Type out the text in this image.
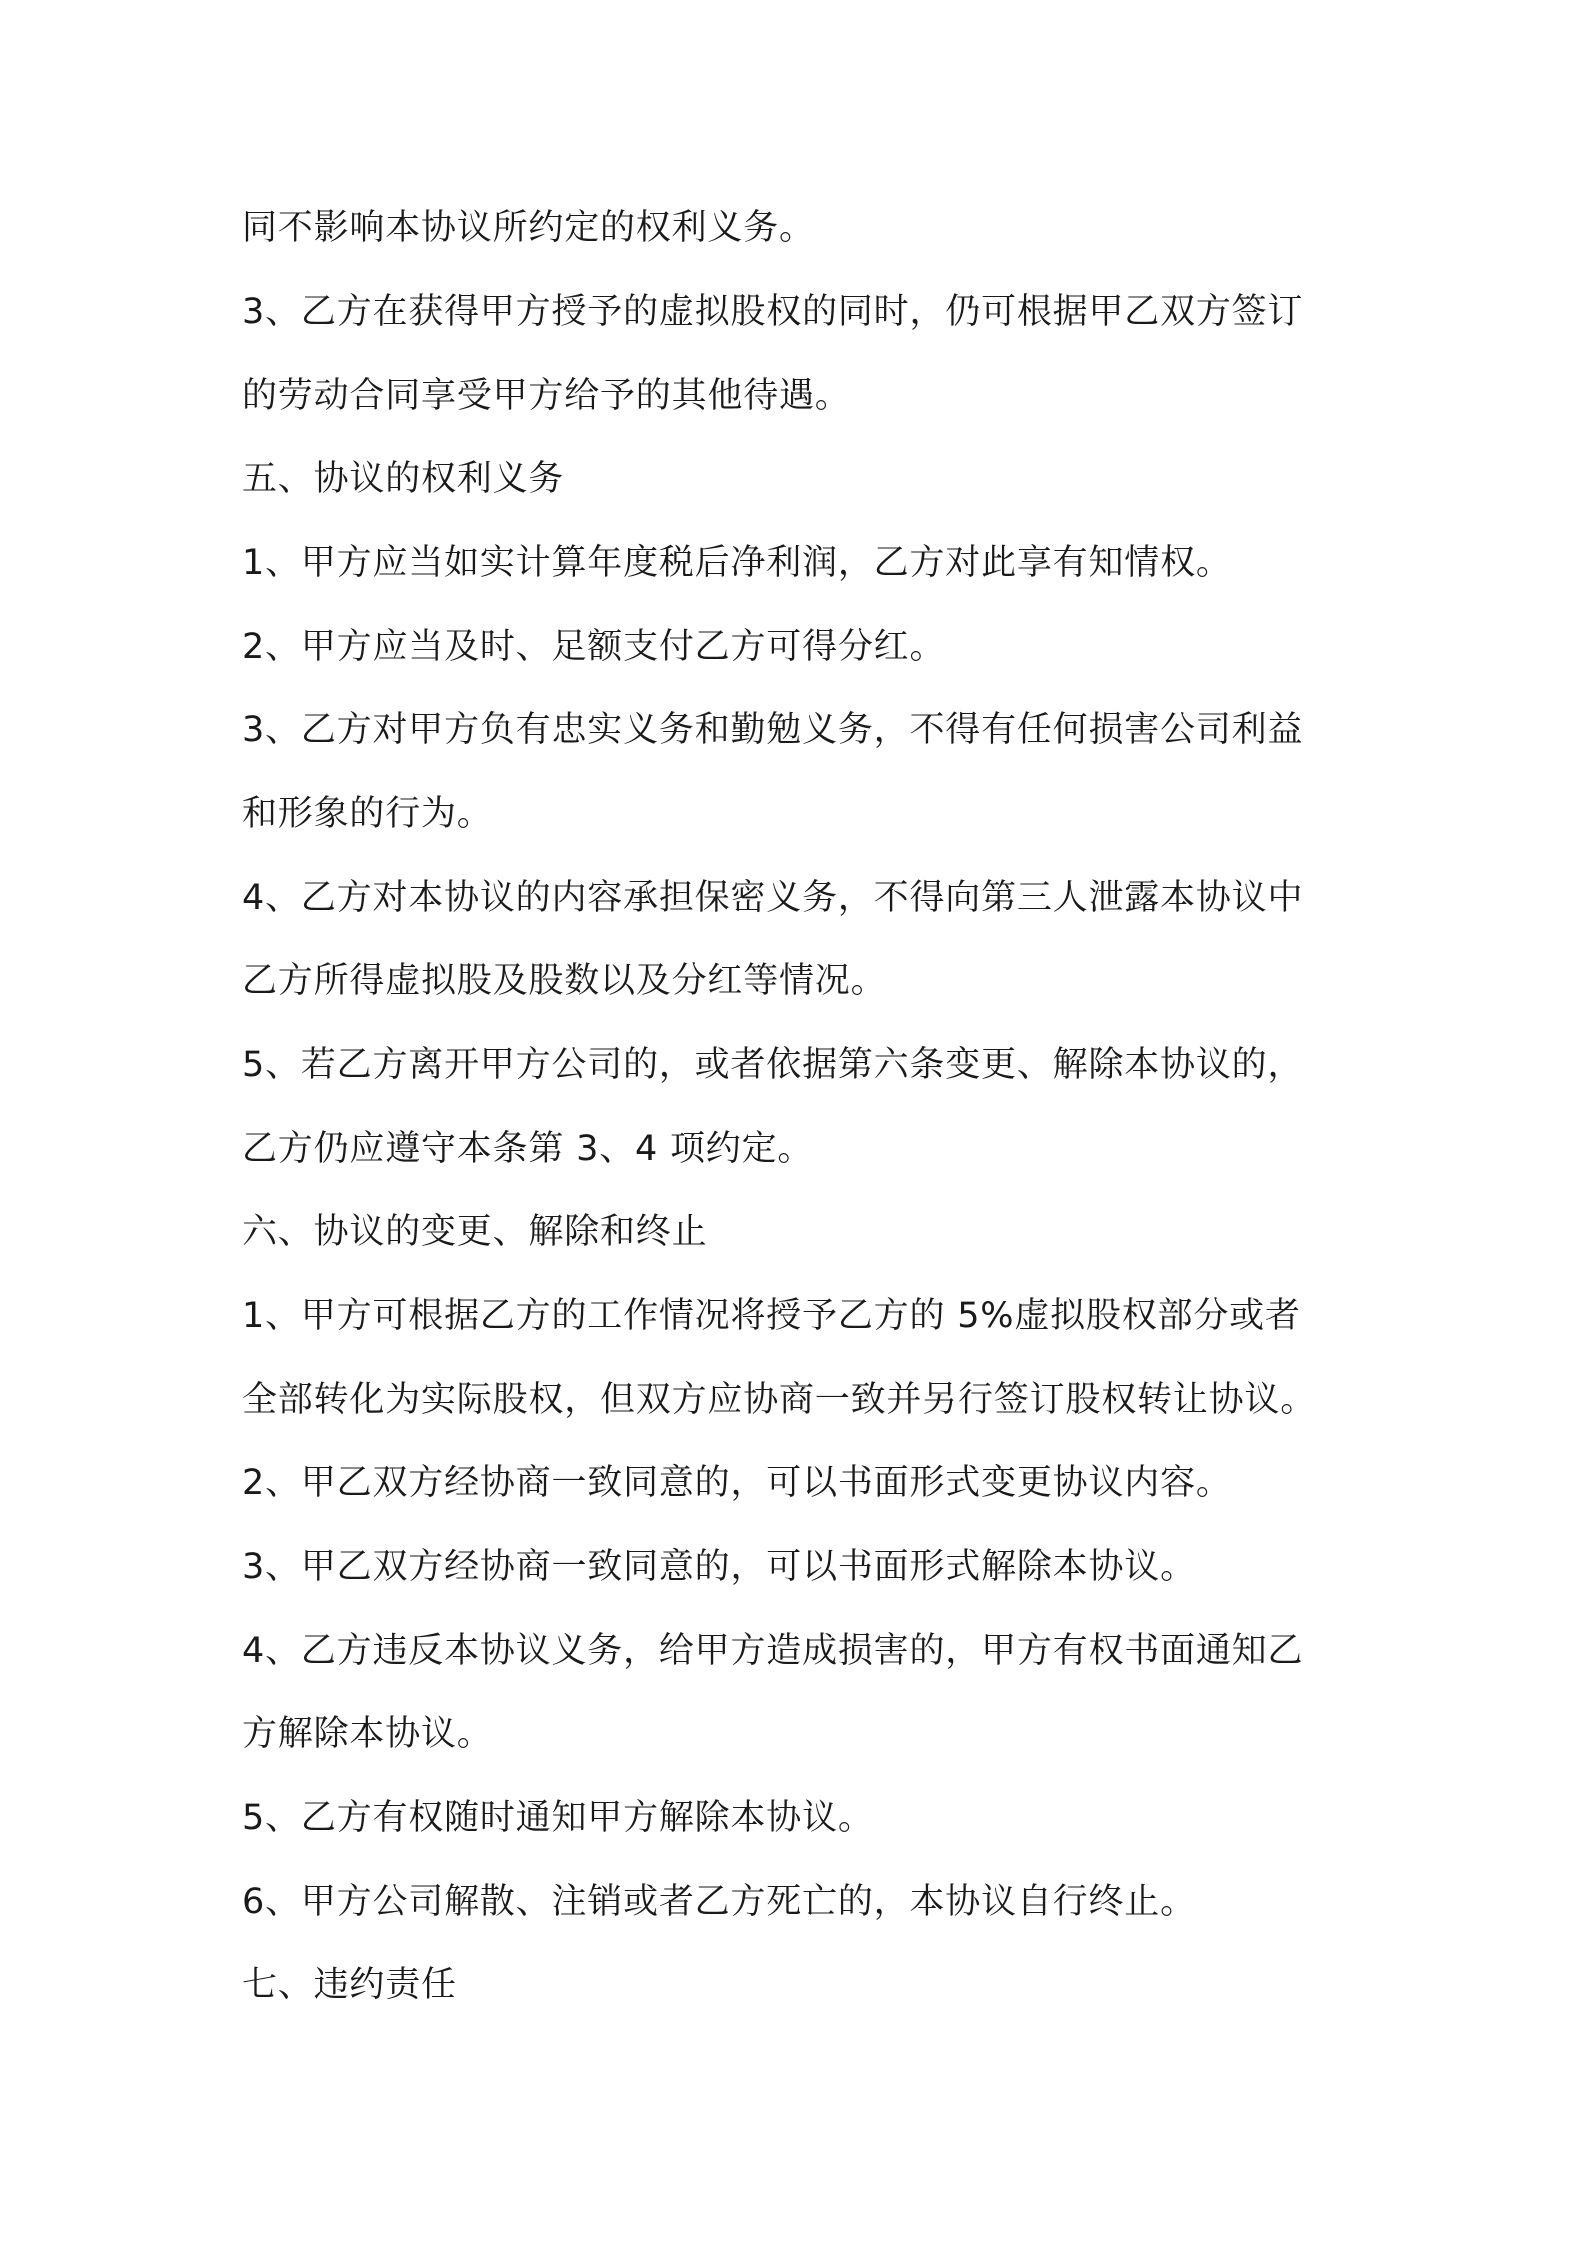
同不影响本协议所约定的权利义务。
3、乙方在获得甲方授予的虚拟股权的同时，仍可根据甲乙双方签订
的劳动合同享受甲方给予的其他待遇。
五、协议的权利义务
1、甲方应当如实计算年度税后净利润，乙方对此享有知情权。
2、甲方应当及时、足额支付乙方可得分红。
3、乙方对甲方负有忠实义务和勤勉义务，不得有任何损害公司利益
和形象的行为。
4、乙方对本协议的内容承担保密义务，不得向第三人泄露本协议中
乙方所得虚拟股及股数以及分红等情况。
5、若乙方离开甲方公司的，或者依据第六条变更、解除本协议的，
乙方仍应遵守本条第 3、4 项约定。
六、协议的变更、解除和终止
1、甲方可根据乙方的工作情况将授予乙方的 5%虚拟股权部分或者
全部转化为实际股权，但双方应协商一致并另行签订股权转让协议。
2、甲乙双方经协商一致同意的，可以书面形式变更协议内容。
3、甲乙双方经协商一致同意的，可以书面形式解除本协议。
4、乙方违反本协议义务，给甲方造成损害的，甲方有权书面通知乙
方解除本协议。
5、乙方有权随时通知甲方解除本协议。
6、甲方公司解散、注销或者乙方死亡的，本协议自行终止。
七、违约责任
